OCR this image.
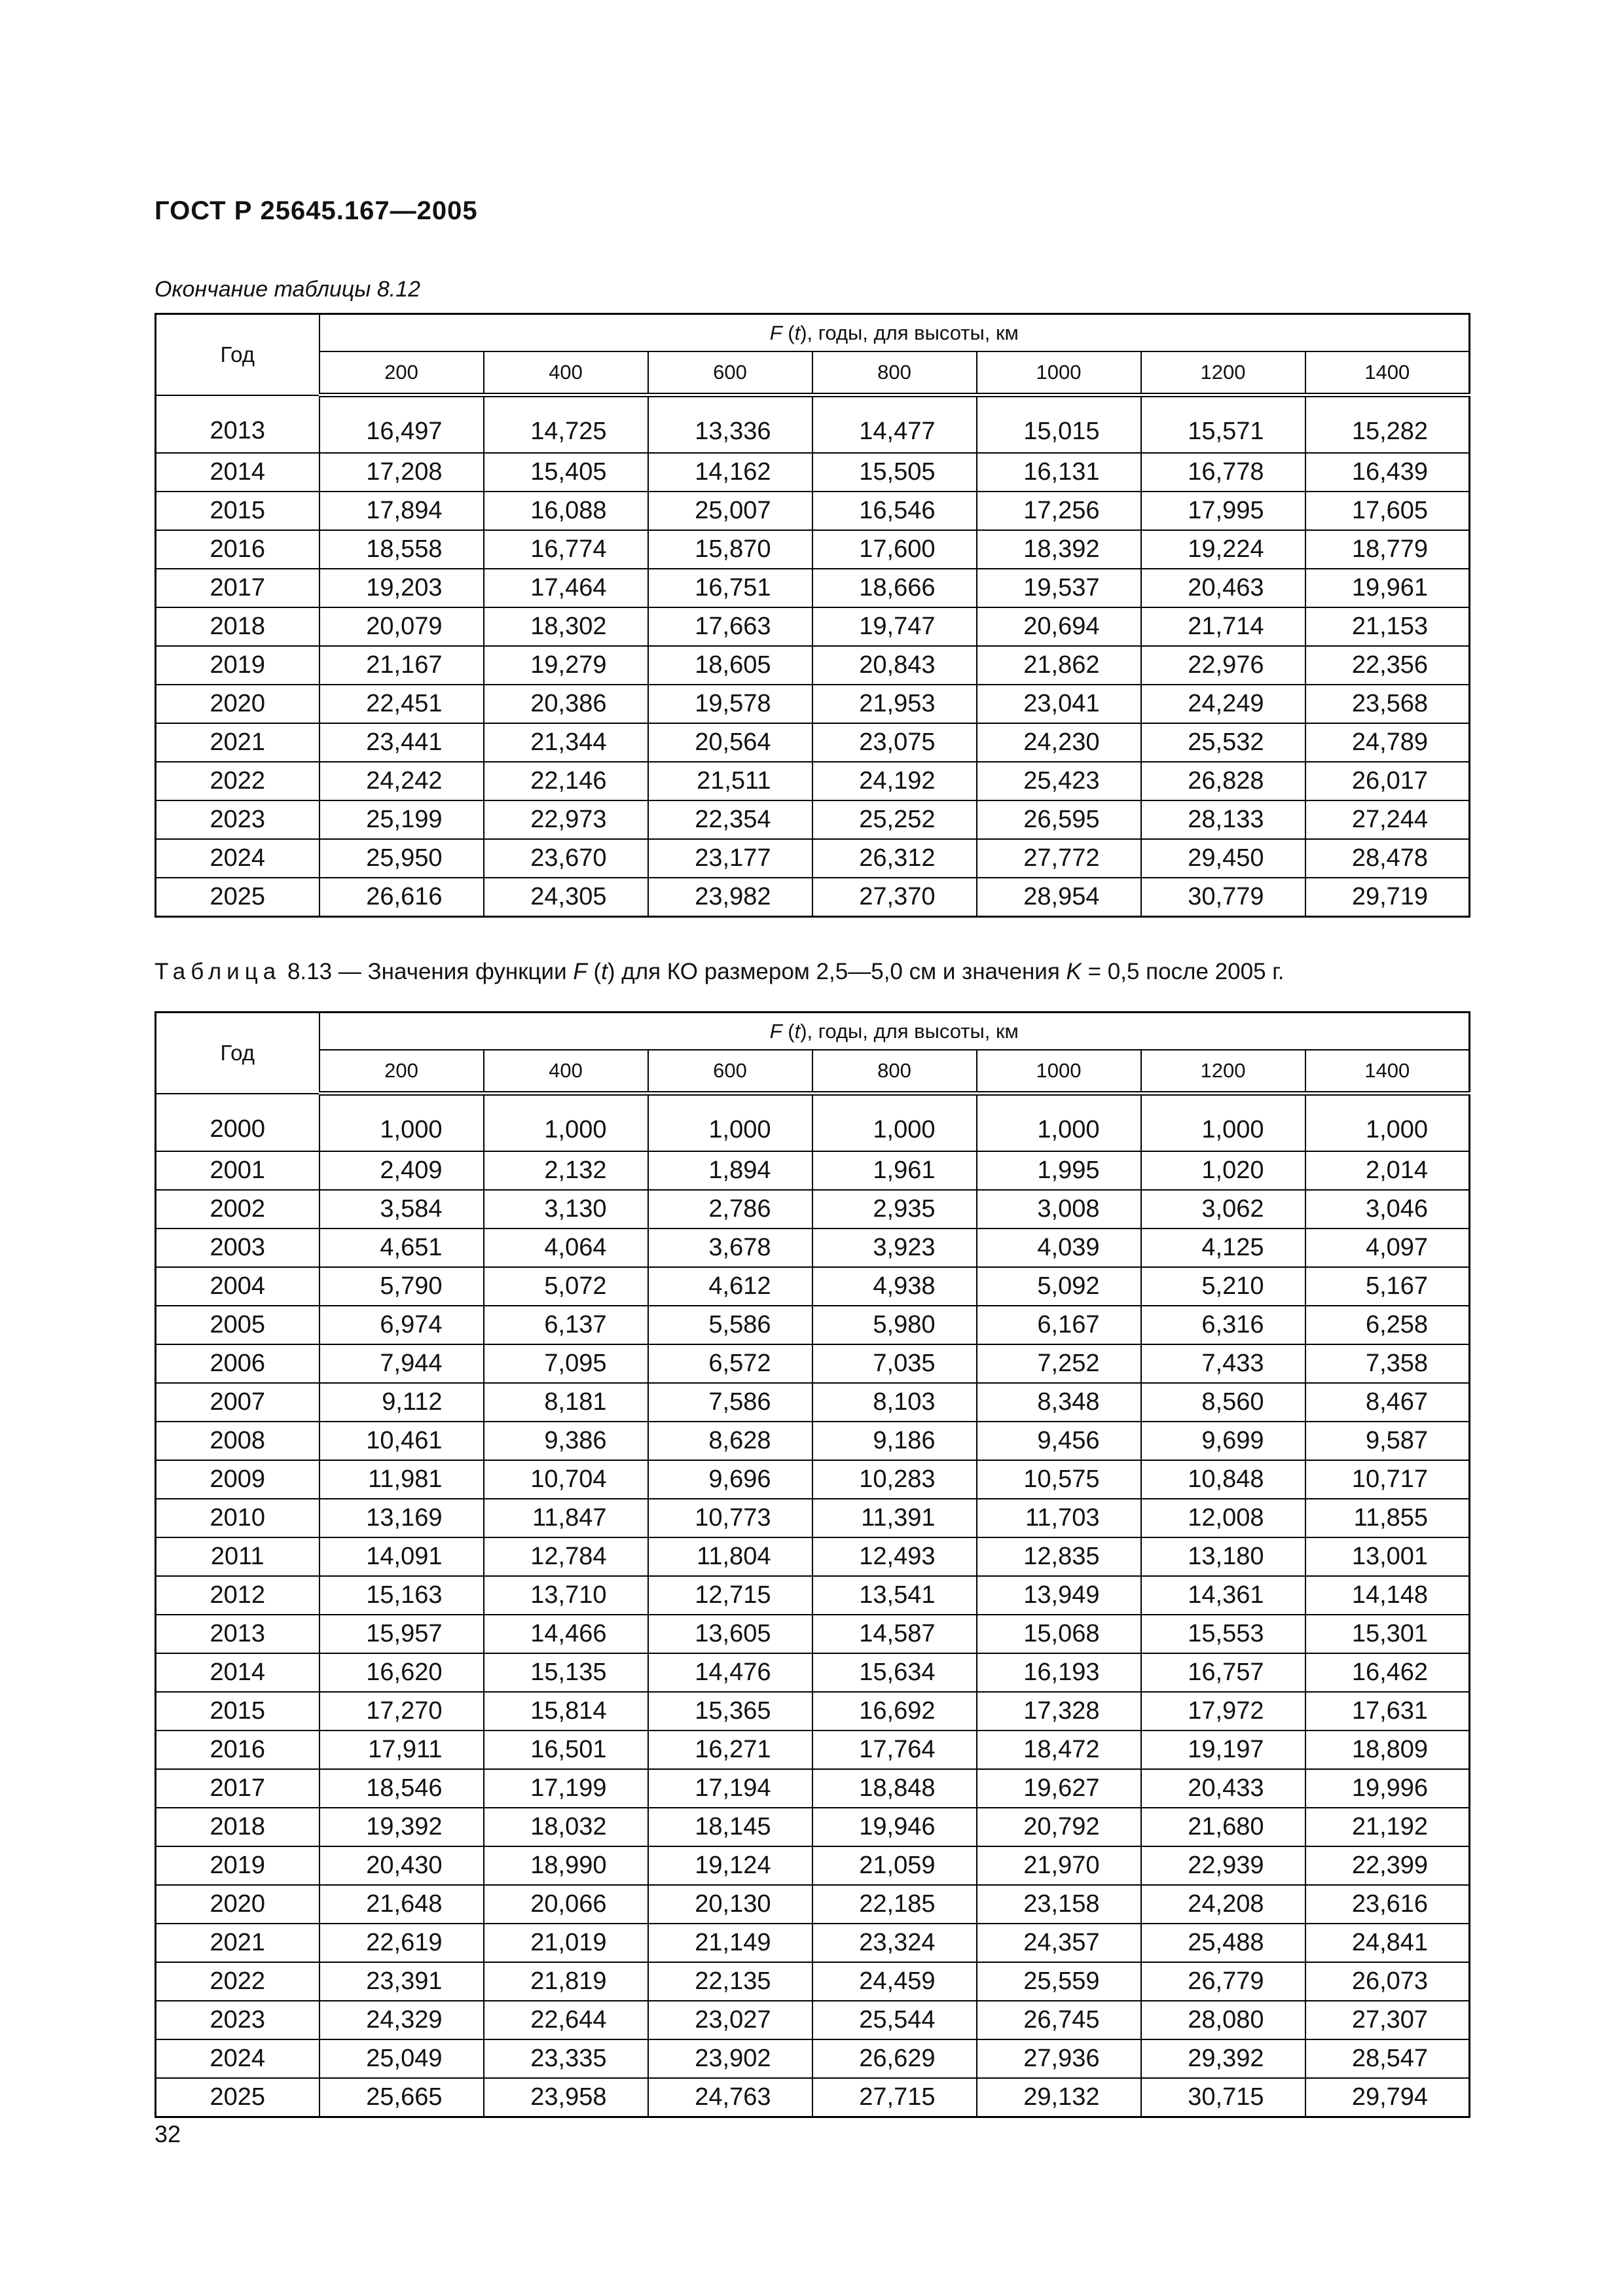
ГОСТ Р 25645.167—2005
Окончание таблицы 8.12
Год	F (t), годы, для высоты, км						
	200	400	600	800	1000	1200	1400
2013	16,497	14,725	13,336	14,477	15,015	15,571	15,282
2014	17,208	15,405	14,162	15,505	16,131	16,778	16,439
2015	17,894	16,088	25,007	16,546	17,256	17,995	17,605
2016	18,558	16,774	15,870	17,600	18,392	19,224	18,779
2017	19,203	17,464	16,751	18,666	19,537	20,463	19,961
2018	20,079	18,302	17,663	19,747	20,694	21,714	21,153
2019	21,167	19,279	18,605	20,843	21,862	22,976	22,356
2020	22,451	20,386	19,578	21,953	23,041	24,249	23,568
2021	23,441	21,344	20,564	23,075	24,230	25,532	24,789
2022	24,242	22,146	21,511	24,192	25,423	26,828	26,017
2023	25,199	22,973	22,354	25,252	26,595	28,133	27,244
2024	25,950	23,670	23,177	26,312	27,772	29,450	28,478
2025	26,616	24,305	23,982	27,370	28,954	30,779	29,719
Таблица 8.13 — Значения функции F (t) для КО размером 2,5—5,0 см и значения K = 0,5 после 2005 г.
Год	F (t), годы, для высоты, км						
	200	400	600	800	1000	1200	1400
2000	1,000	1,000	1,000	1,000	1,000	1,000	1,000
2001	2,409	2,132	1,894	1,961	1,995	1,020	2,014
2002	3,584	3,130	2,786	2,935	3,008	3,062	3,046
2003	4,651	4,064	3,678	3,923	4,039	4,125	4,097
2004	5,790	5,072	4,612	4,938	5,092	5,210	5,167
2005	6,974	6,137	5,586	5,980	6,167	6,316	6,258
2006	7,944	7,095	6,572	7,035	7,252	7,433	7,358
2007	9,112	8,181	7,586	8,103	8,348	8,560	8,467
2008	10,461	9,386	8,628	9,186	9,456	9,699	9,587
2009	11,981	10,704	9,696	10,283	10,575	10,848	10,717
2010	13,169	11,847	10,773	11,391	11,703	12,008	11,855
2011	14,091	12,784	11,804	12,493	12,835	13,180	13,001
2012	15,163	13,710	12,715	13,541	13,949	14,361	14,148
2013	15,957	14,466	13,605	14,587	15,068	15,553	15,301
2014	16,620	15,135	14,476	15,634	16,193	16,757	16,462
2015	17,270	15,814	15,365	16,692	17,328	17,972	17,631
2016	17,911	16,501	16,271	17,764	18,472	19,197	18,809
2017	18,546	17,199	17,194	18,848	19,627	20,433	19,996
2018	19,392	18,032	18,145	19,946	20,792	21,680	21,192
2019	20,430	18,990	19,124	21,059	21,970	22,939	22,399
2020	21,648	20,066	20,130	22,185	23,158	24,208	23,616
2021	22,619	21,019	21,149	23,324	24,357	25,488	24,841
2022	23,391	21,819	22,135	24,459	25,559	26,779	26,073
2023	24,329	22,644	23,027	25,544	26,745	28,080	27,307
2024	25,049	23,335	23,902	26,629	27,936	29,392	28,547
2025	25,665	23,958	24,763	27,715	29,132	30,715	29,794
32
